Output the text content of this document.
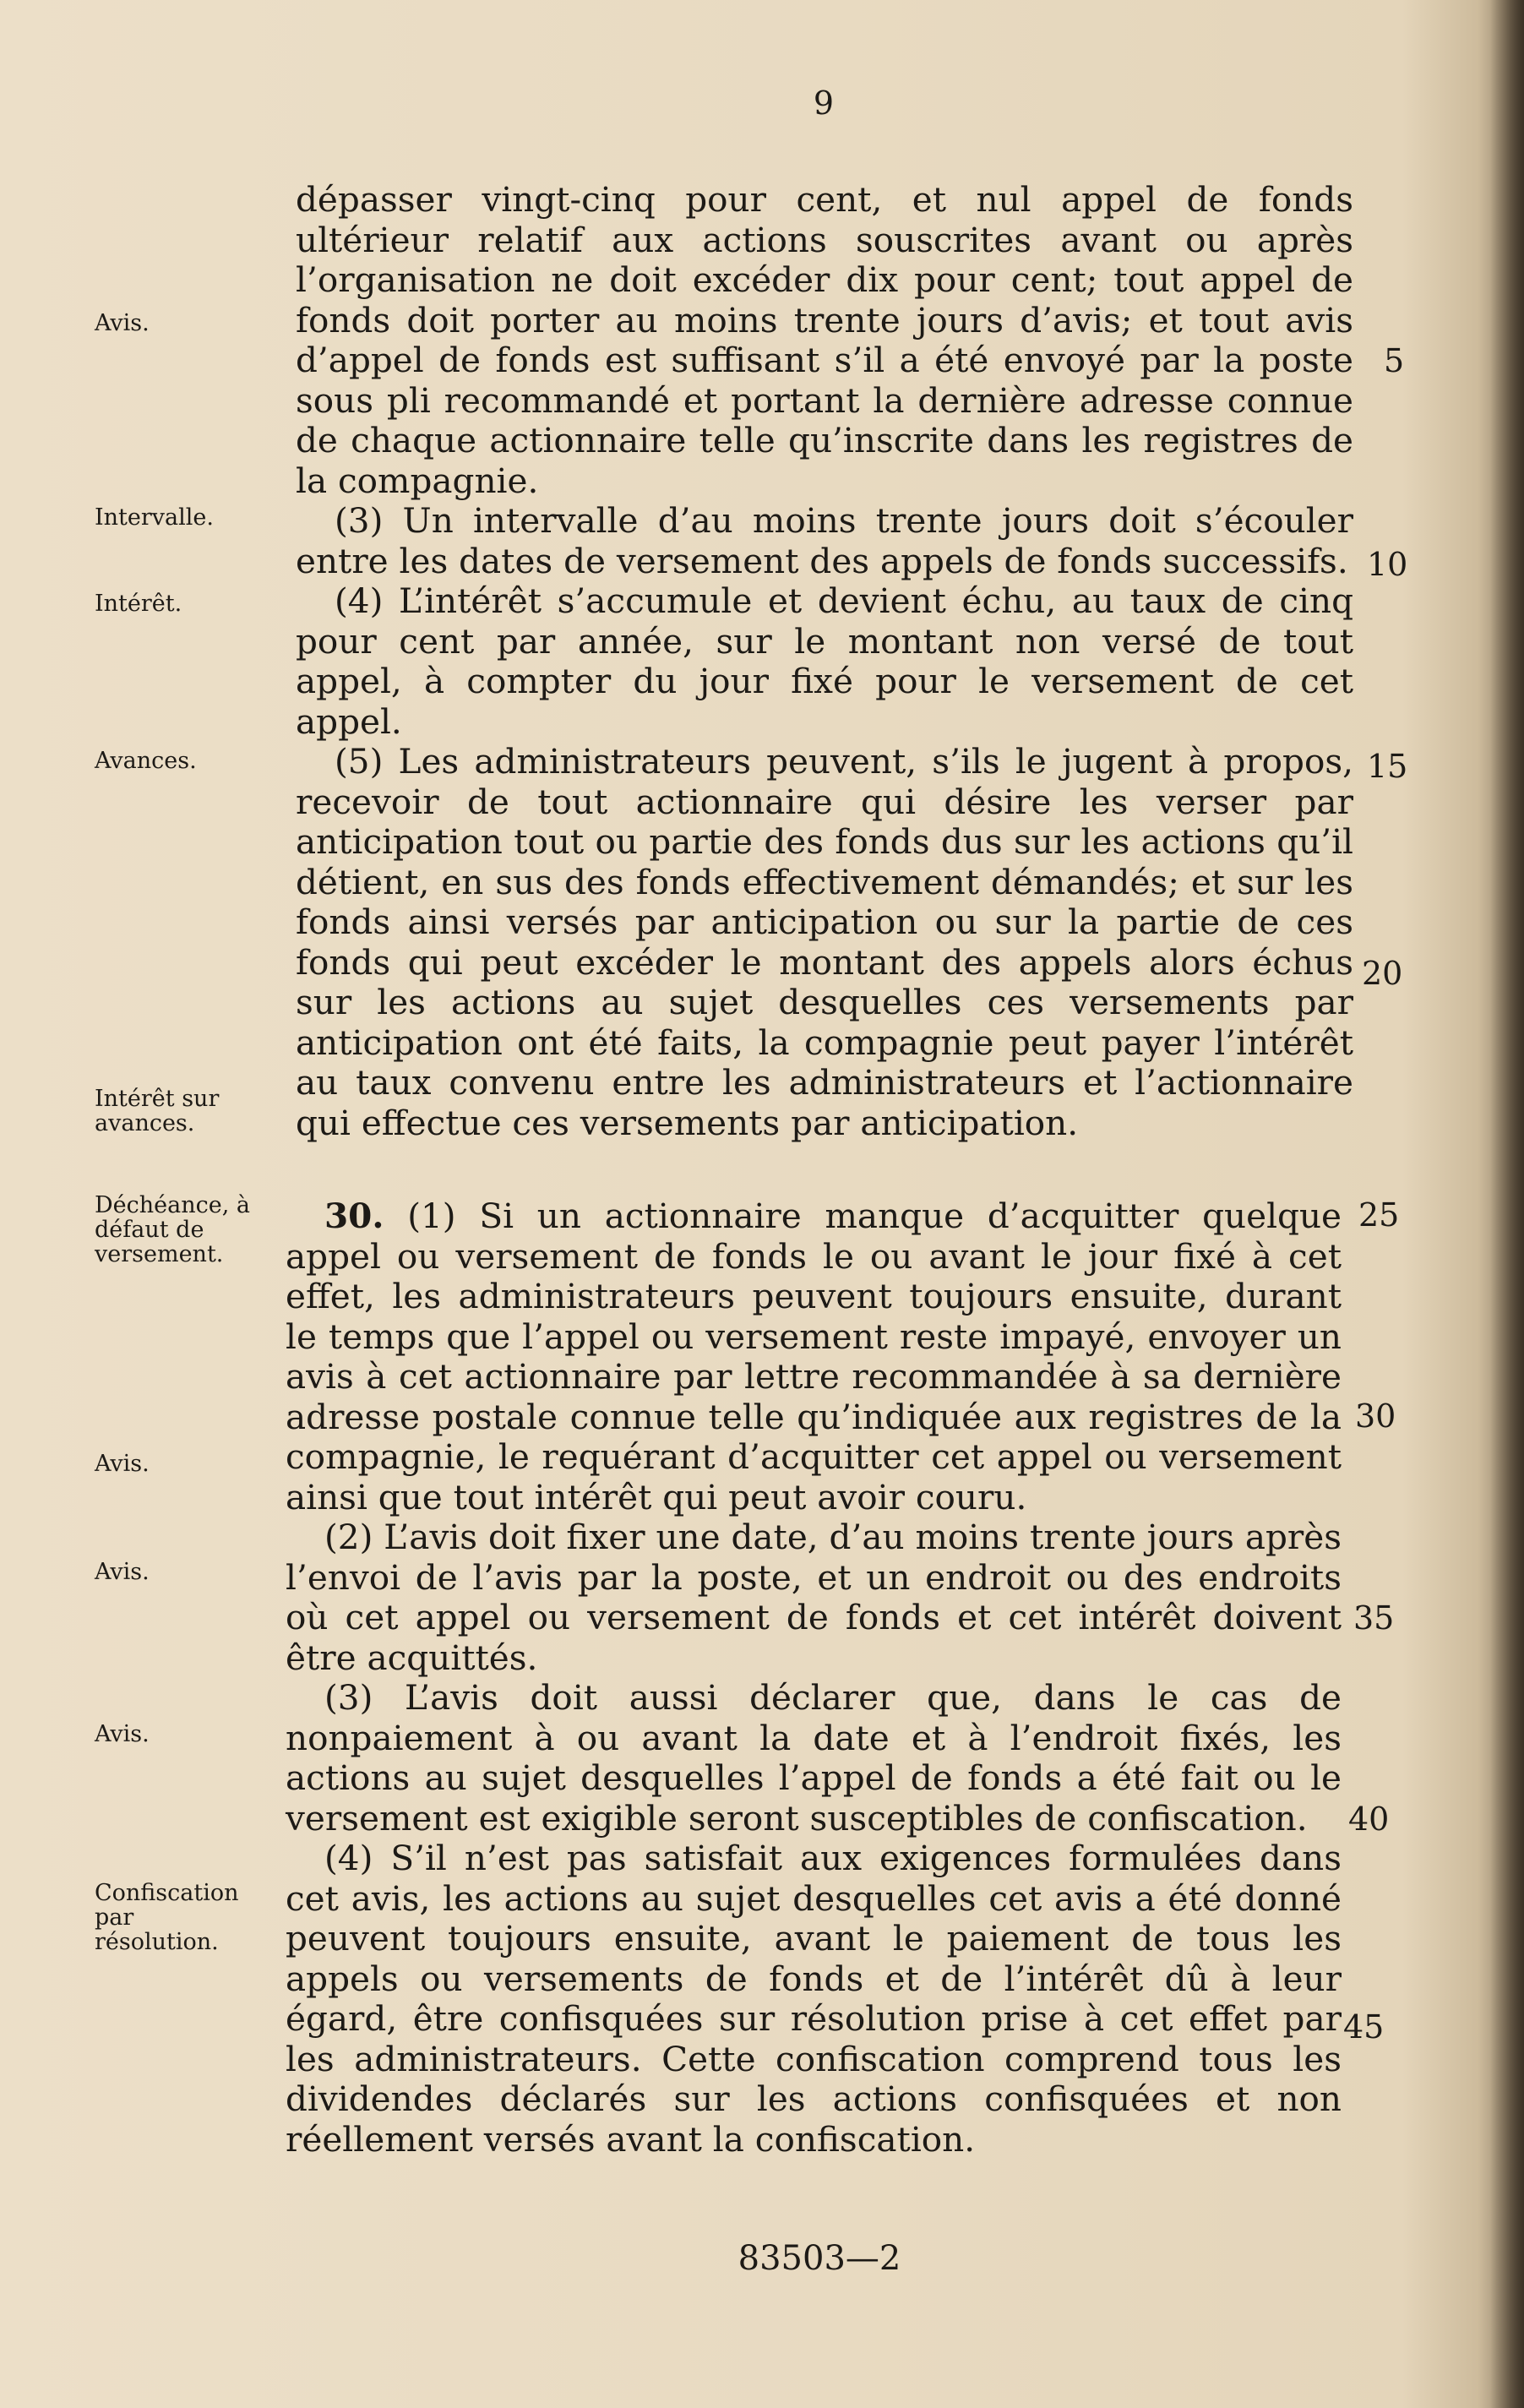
9
Avis.
Intervalle.
Intérêt.
Avances.
Intérêt sur avances.
Déchéance, à défaut de versement.
Avis.
Avis.
Avis.
Confiscation par résolution.

dépasser vingt-cinq pour cent, et nul appel de fonds ultérieur relatif aux actions souscrites avant ou après l’organisation ne doit excéder dix pour cent; tout appel de fonds doit porter au moins trente jours d’avis; et tout avis d’appel de fonds est suffisant s’il a été envoyé par la poste sous pli recommandé et portant la dernière adresse connue de chaque actionnaire telle qu’inscrite dans les registres de la compagnie.

(3) Un intervalle d’au moins trente jours doit s’écouler entre les dates de versement des appels de fonds successifs.

(4) L’intérêt s’accumule et devient échu, au taux de cinq pour cent par année, sur le montant non versé de tout appel, à compter du jour fixé pour le versement de cet appel.

(5) Les administrateurs peuvent, s’ils le jugent à propos, recevoir de tout actionnaire qui désire les verser par anticipation tout ou partie des fonds dus sur les actions qu’il détient, en sus des fonds effectivement démandés; et sur les fonds ainsi versés par anticipation ou sur la partie de ces fonds qui peut excéder le montant des appels alors échus sur les actions au sujet desquelles ces versements par anticipation ont été faits, la compagnie peut payer l’intérêt au taux convenu entre les administrateurs et l’actionnaire qui effectue ces versements par anticipation.

30. (1) Si un actionnaire manque d’acquitter quelque appel ou versement de fonds le ou avant le jour fixé à cet effet, les administrateurs peuvent toujours ensuite, durant le temps que l’appel ou versement reste impayé, envoyer un avis à cet actionnaire par lettre recommandée à sa dernière adresse postale connue telle qu’indiquée aux registres de la compagnie, le requérant d’acquitter cet appel ou versement ainsi que tout intérêt qui peut avoir couru.

(2) L’avis doit fixer une date, d’au moins trente jours après l’envoi de l’avis par la poste, et un endroit ou des endroits où cet appel ou versement de fonds et cet intérêt doivent être acquittés.

(3) L’avis doit aussi déclarer que, dans le cas de nonpaiement à ou avant la date et à l’endroit fixés, les actions au sujet desquelles l’appel de fonds a été fait ou le versement est exigible seront susceptibles de confiscation.

(4) S’il n’est pas satisfait aux exigences formulées dans cet avis, les actions au sujet desquelles cet avis a été donné peuvent toujours ensuite, avant le paiement de tous les appels ou versements de fonds et de l’intérêt dû à leur égard, être confisquées sur résolution prise à cet effet par les administrateurs. Cette confiscation comprend tous les dividendes déclarés sur les actions confisquées et non réellement versés avant la confiscation.

5
10
15
20
25
30
35
40
45
83503—2
